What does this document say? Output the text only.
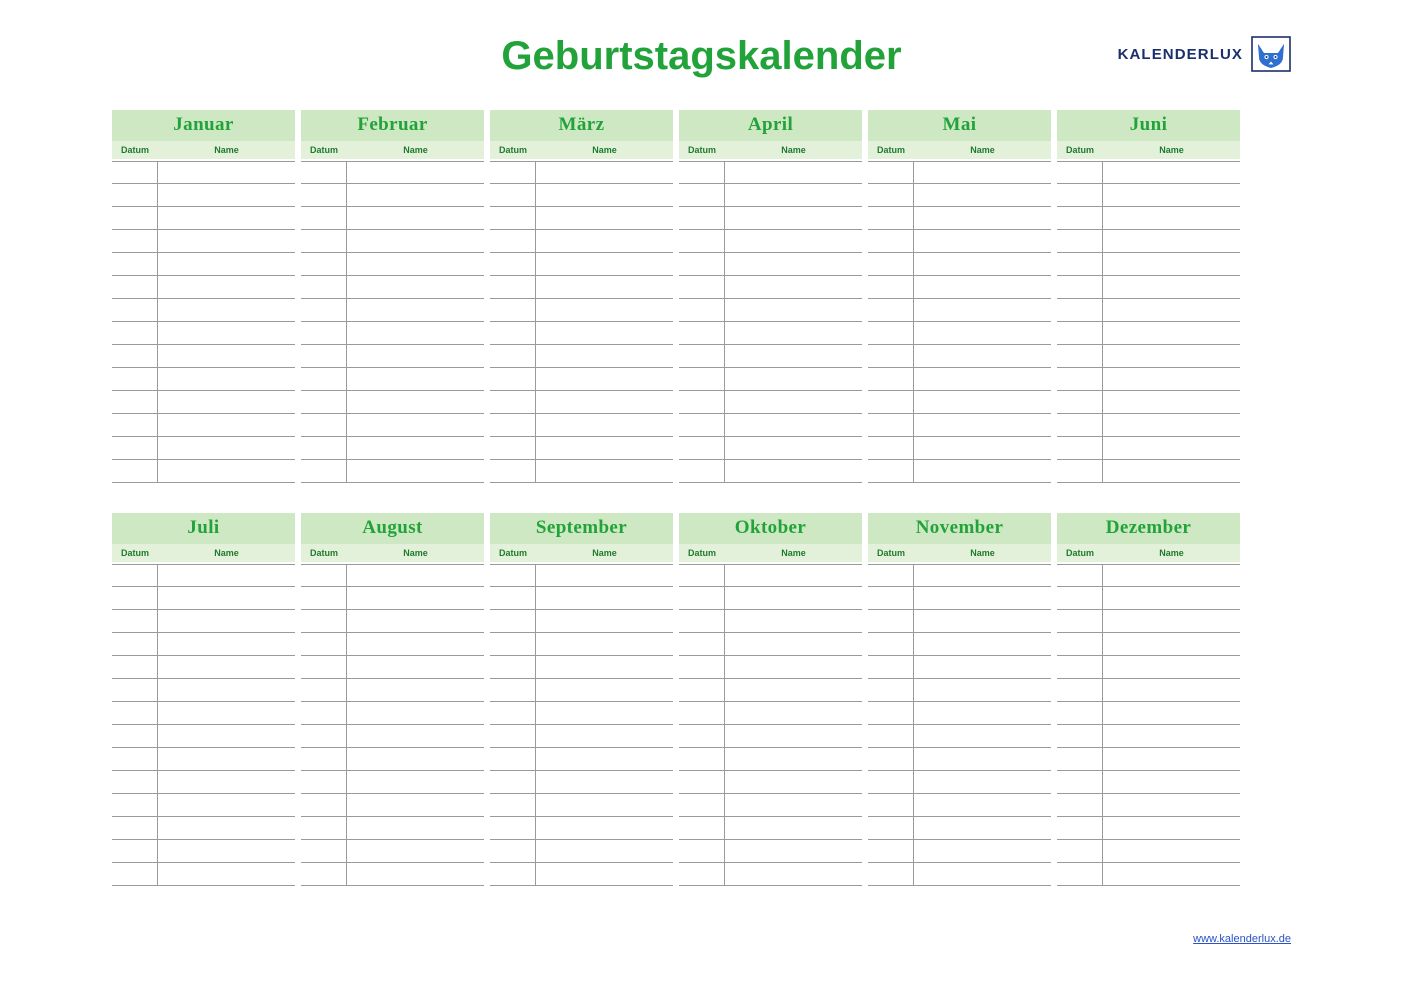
Geburtstagskalender	KALENDERLUX
Januar
Datum	Name
Februar
Datum	Name
März
Datum	Name
April
Datum	Name
Mai
Datum	Name
Juni
Datum	Name
Juli
Datum	Name
August
Datum	Name
September
Datum	Name
Oktober
Datum	Name
November
Datum	Name
Dezember
Datum	Name
www.kalenderlux.de
